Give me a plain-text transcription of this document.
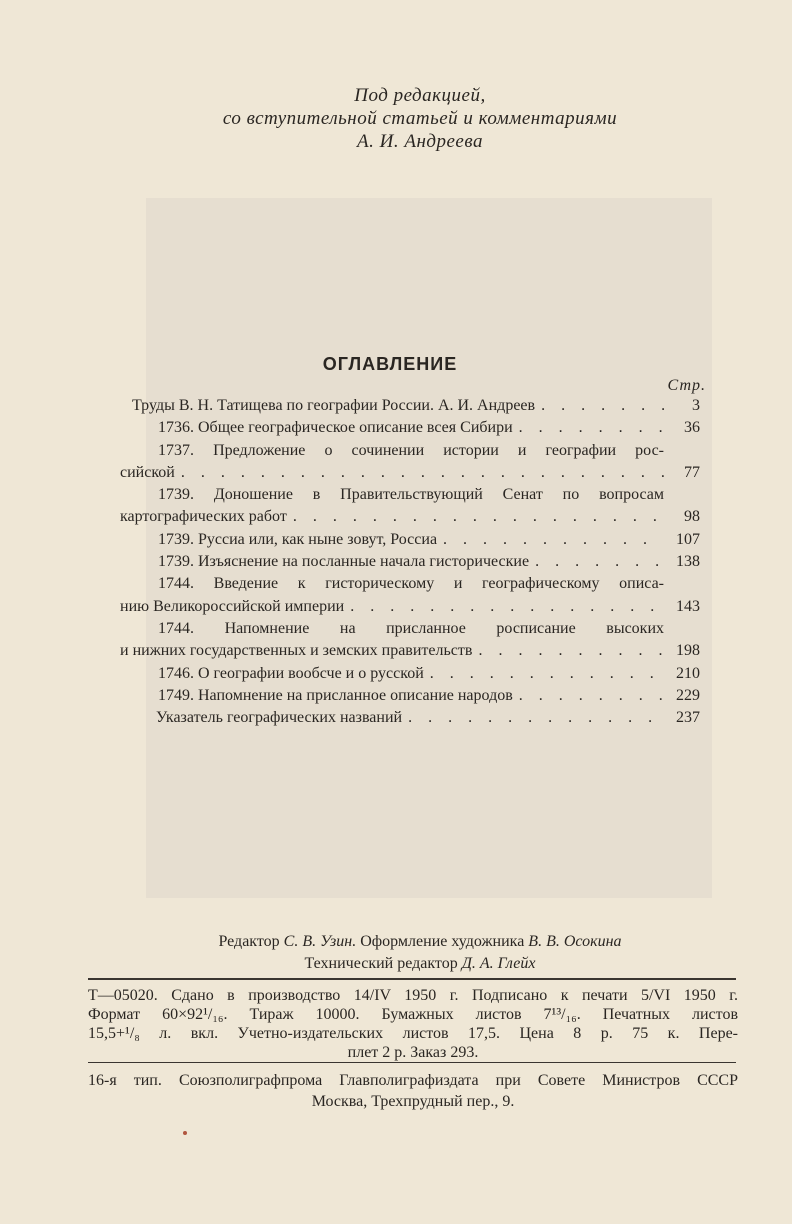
Под редакцией,
со вступительной статьей и комментариями
А. И. Андреева
ОГЛАВЛЕНИЕ
Стр.
Труды В. Н. Татищева по географии России. А. И. Андреев . . .	3
1736. Общее географическое описание всея Сибири . . .	36
1737. Предложение о сочинении истории и географии рос-
сийской . . .	77
1739. Доношение в Правительствующий Сенат по вопросам
картографических работ . . .	98
1739. Руссиа или, как ныне зовут, Россиа . . .	107
1739. Изъяснение на посланные начала гисторические . . .	138
1744. Введение к гисторическому и географическому описа-
нию Великороссийской империи . . .	143
1744. Напомнение на присланное росписание высоких
и нижних государственных и земских правительств . . .	198
1746. О географии вообсче и о русской . . .	210
1749. Напомнение на присланное описание народов . . .	229
Указатель географических названий . . .	237
Редактор С. В. Узин. Оформление художника В. В. Осокина
Технический редактор Д. А. Глейх
Т—05020. Сдано в производство 14/IV 1950 г. Подписано к печати 5/VI 1950 г.
Формат 60×92¹/₁₆. Тираж 10000. Бумажных листов 7¹³/₁₆. Печатных листов
15,5+¹/₈ л. вкл. Учетно-издательских листов 17,5. Цена 8 р. 75 к. Пере-
плет 2 р. Заказ 293.
16-я тип. Союзполиграфпрома Главполиграфиздата при Совете Министров СССР
Москва, Трехпрудный пер., 9.
